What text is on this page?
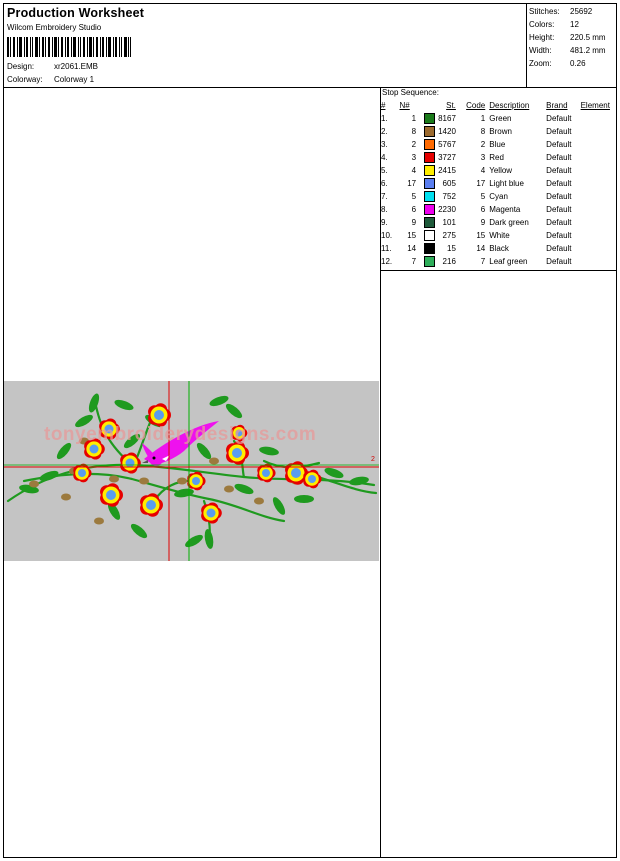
Production Worksheet
Wilcom Embroidery Studio
Design: xr2061.EMB
Colorway: Colorway 1
Stitches: 25692
Colors: 12
Height: 220.5 mm
Width: 481.2 mm
Zoom: 0.26
Stop Sequence:
#	N#		St.	Code	Description	Brand	Element
1.	1		8167	1	Green	Default	
2.	8		1420	8	Brown	Default	
3.	2		5767	2	Blue	Default	
4.	3		3727	3	Red	Default	
5.	4		2415	4	Yellow	Default	
6.	17		605	17	Light blue	Default	
7.	5		752	5	Cyan	Default	
8.	6		2230	6	Magenta	Default	
9.	9		101	9	Dark green	Default	
10.	15		275	15	White	Default	
11.	14		15	14	Black	Default	
12.	7		216	7	Leaf green	Default	
tonyembroiderydesigns.com
2
